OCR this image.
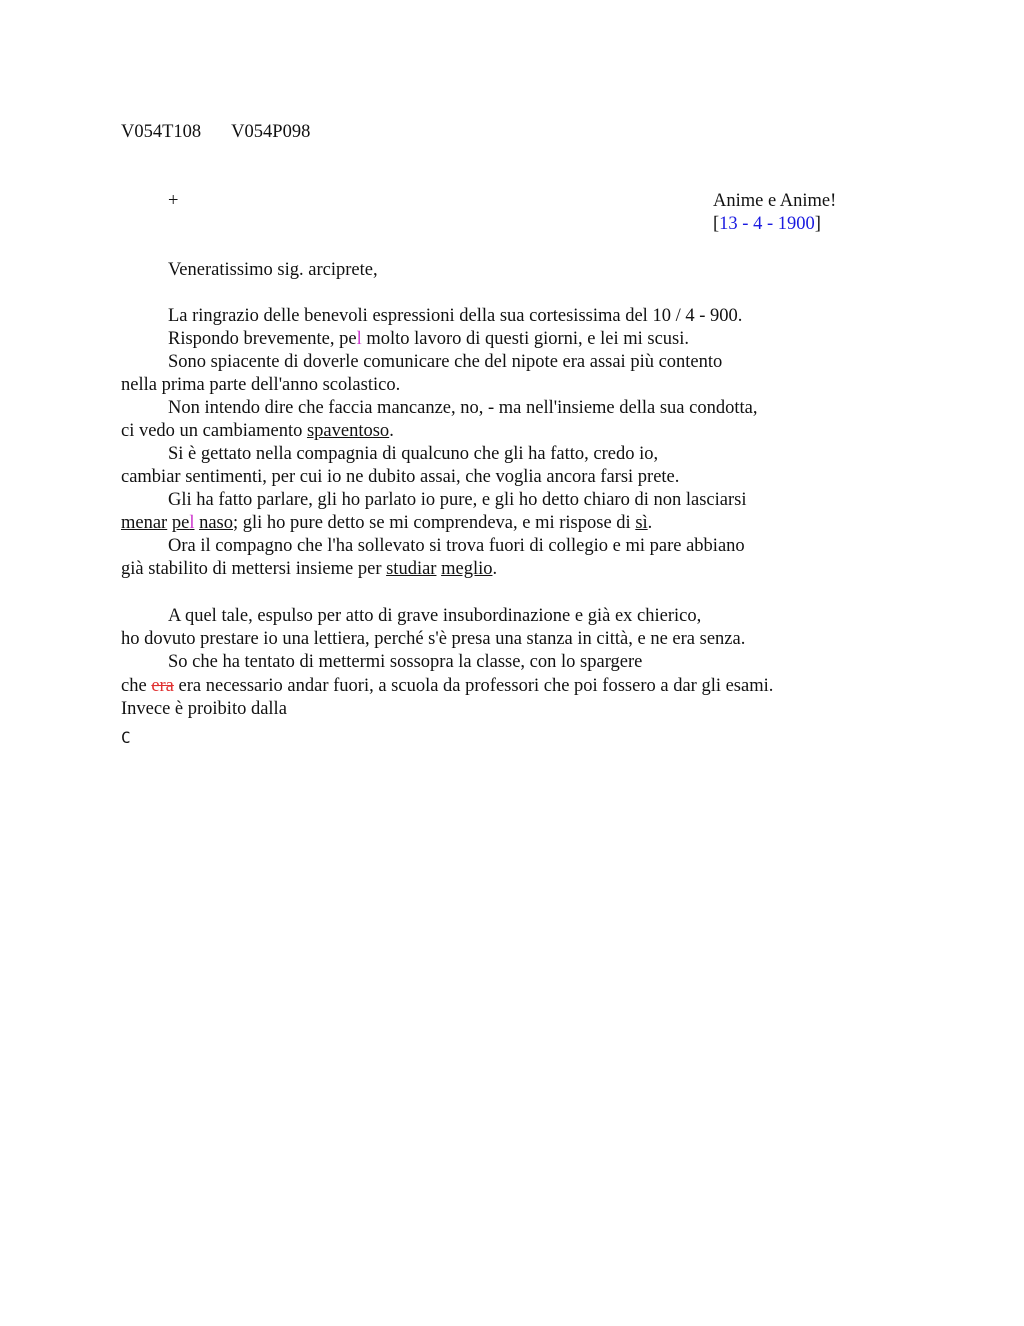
V054T108 V054P098
+	Anime e Anime!
[13 - 4 - 1900]
Veneratissimo sig. arciprete,
La ringrazio delle benevoli espressioni della sua cortesissima del 10 / 4 - 900.
Rispondo brevemente, pel molto lavoro di questi giorni, e lei mi scusi.
Sono spiacente di doverle comunicare che del nipote era assai più contento
nella prima parte dell'anno scolastico.
Non intendo dire che faccia mancanze, no, - ma nell'insieme della sua condotta,
ci vedo un cambiamento spaventoso.
Si è gettato nella compagnia di qualcuno che gli ha fatto, credo io,
cambiar sentimenti, per cui io ne dubito assai, che voglia ancora farsi prete.
Gli ha fatto parlare, gli ho parlato io pure, e gli ho detto chiaro di non lasciarsi
menar pel naso; gli ho pure detto se mi comprendeva, e mi rispose di sì.
Ora il compagno che l'ha sollevato si trova fuori di collegio e mi pare abbiano
già stabilito di mettersi insieme per studiar meglio.
A quel tale, espulso per atto di grave insubordinazione e già ex chierico,
ho dovuto prestare io una lettiera, perché s'è presa una stanza in città, e ne era senza.
So che ha tentato di mettermi sossopra la classe, con lo spargere
che era era necessario andar fuori, a scuola da professori che poi fossero a dar gli esami.
Invece è proibito dalla
C
